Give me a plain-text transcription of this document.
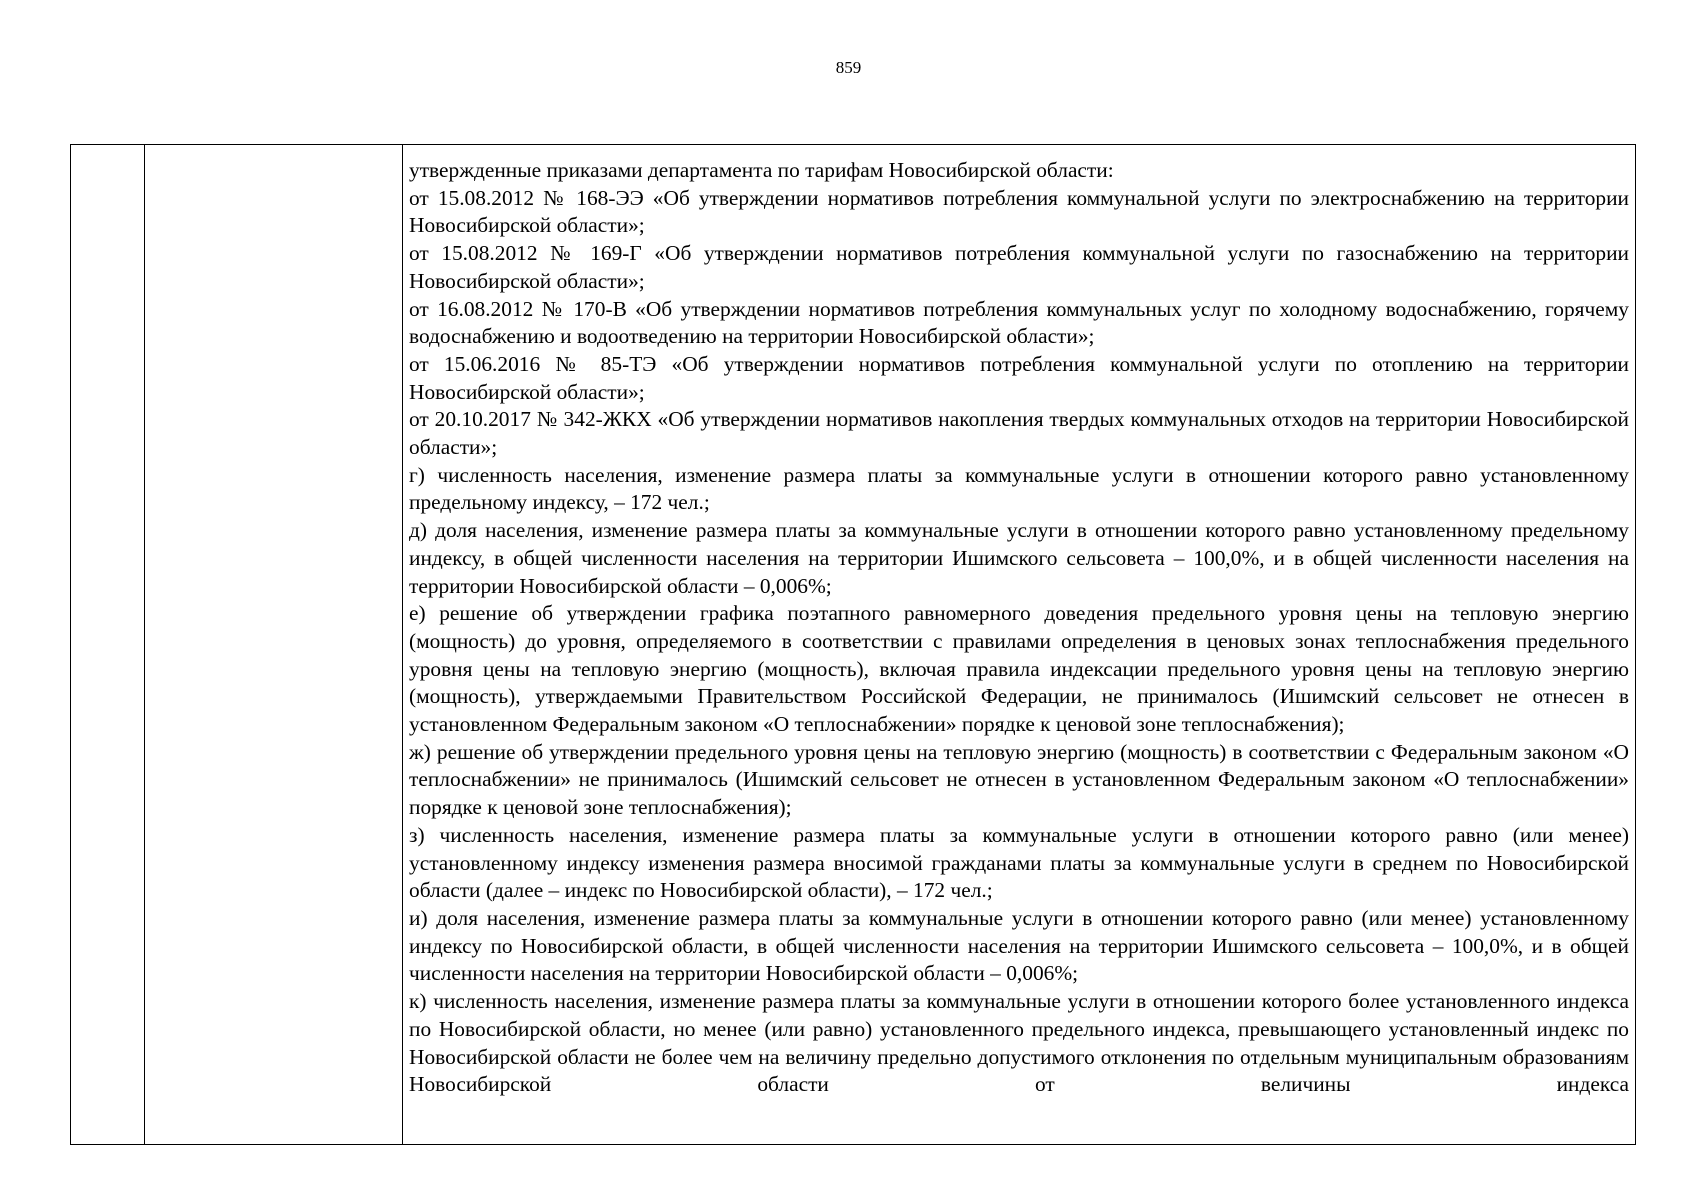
859

утвержденные приказами департамента по тарифам Новосибирской области:

от 15.08.2012 № 168-ЭЭ «Об утверждении нормативов потребления коммунальной услуги по электроснабжению на территории Новосибирской области»;

от 15.08.2012 № 169-Г «Об утверждении нормативов потребления коммунальной услуги по газоснабжению на территории Новосибирской области»;

от 16.08.2012 № 170-В «Об утверждении нормативов потребления коммунальных услуг по холодному водоснабжению, горячему водоснабжению и водоотведению на территории Новосибирской области»;

от 15.06.2016 № 85-ТЭ «Об утверждении нормативов потребления коммунальной услуги по отоплению на территории Новосибирской области»;

от 20.10.2017 № 342-ЖКХ «Об утверждении нормативов накопления твердых коммунальных отходов на территории Новосибирской области»;

г) численность населения, изменение размера платы за коммунальные услуги в отношении которого равно установленному предельному индексу, – 172 чел.;

д) доля населения, изменение размера платы за коммунальные услуги в отношении которого равно установленному предельному индексу, в общей численности населения на территории Ишимского сельсовета – 100,0%, и в общей численности населения на территории Новосибирской области – 0,006%;

е) решение об утверждении графика поэтапного равномерного доведения предельного уровня цены на тепловую энергию (мощность) до уровня, определяемого в соответствии с правилами определения в ценовых зонах теплоснабжения предельного уровня цены на тепловую энергию (мощность), включая правила индексации предельного уровня цены на тепловую энергию (мощность), утверждаемыми Правительством Российской Федерации, не принималось (Ишимский сельсовет не отнесен в установленном Федеральным законом «О теплоснабжении» порядке к ценовой зоне теплоснабжения);

ж) решение об утверждении предельного уровня цены на тепловую энергию (мощность) в соответствии с Федеральным законом «О теплоснабжении» не принималось (Ишимский сельсовет не отнесен в установленном Федеральным законом «О теплоснабжении» порядке к ценовой зоне теплоснабжения);

з) численность населения, изменение размера платы за коммунальные услуги в отношении которого равно (или менее) установленному индексу изменения размера вносимой гражданами платы за коммунальные услуги в среднем по Новосибирской области (далее – индекс по Новосибирской области), – 172 чел.;

и) доля населения, изменение размера платы за коммунальные услуги в отношении которого равно (или менее) установленному индексу по Новосибирской области, в общей численности населения на территории Ишимского сельсовета – 100,0%, и в общей численности населения на территории Новосибирской области – 0,006%;

к) численность населения, изменение размера платы за коммунальные услуги в отношении которого более установленного индекса по Новосибирской области, но менее (или равно) установленного предельного индекса, превышающего установленный индекс по Новосибирской области не более чем на величину предельно допустимого отклонения по отдельным муниципальным образованиям Новосибирской области от величины индекса
